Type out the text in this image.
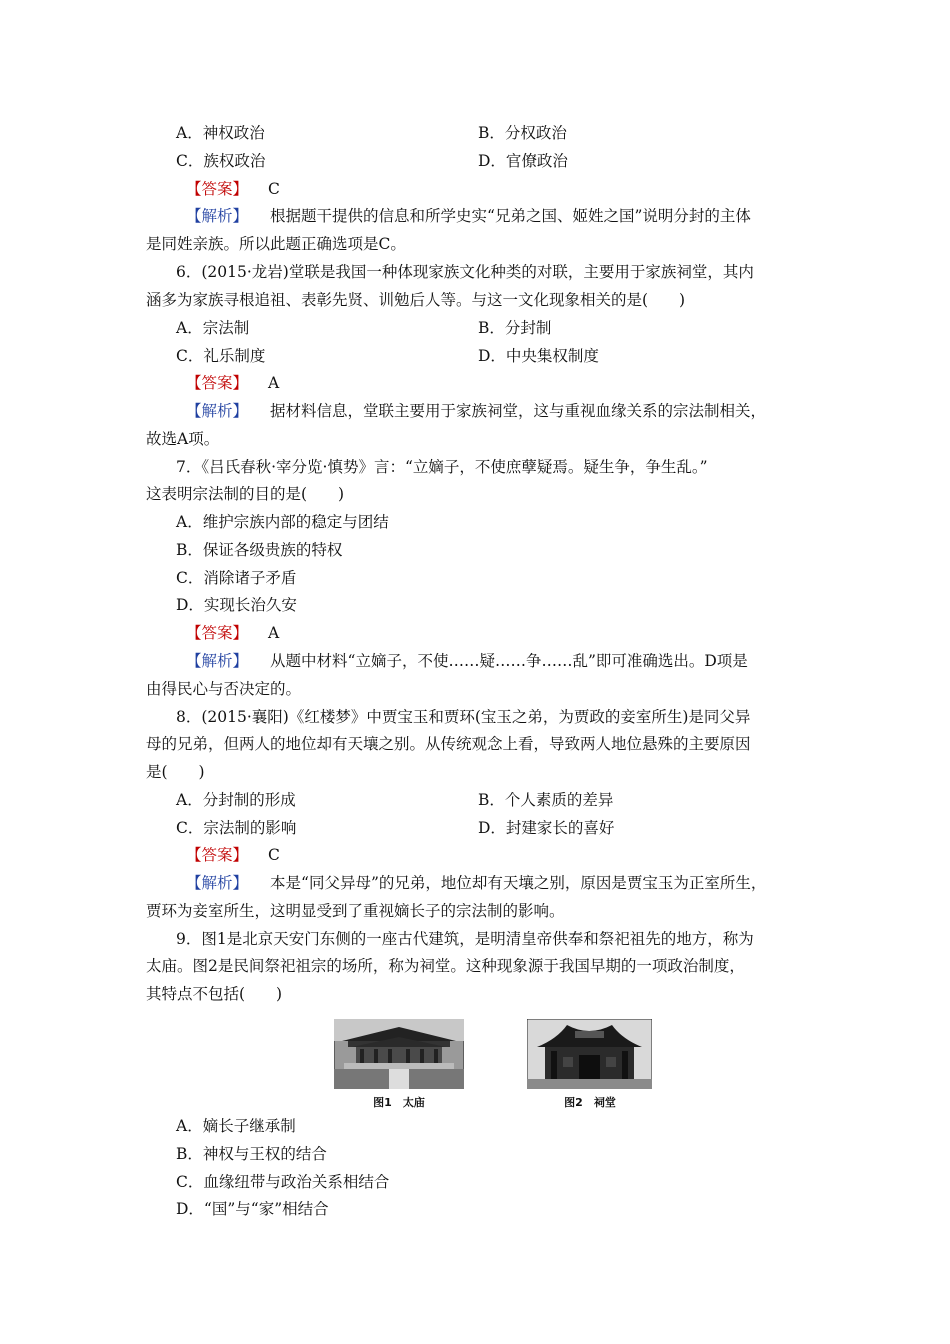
A．神权政治	B．分权政治
C．族权政治	D．官僚政治
【答案】 C
【解析】 根据题干提供的信息和所学史实“兄弟之国、姬姓之国”说明分封的主体
是同姓亲族。所以此题正确选项是C。
6．(2015·龙岩)堂联是我国一种体现家族文化种类的对联，主要用于家族祠堂，其内
涵多为家族寻根追祖、表彰先贤、训勉后人等。与这一文化现象相关的是(　　)
A．宗法制	B．分封制
C．礼乐制度	D．中央集权制度
【答案】 A
【解析】 据材料信息，堂联主要用于家族祠堂，这与重视血缘关系的宗法制相关，
故选A项。
7．《吕氏春秋·宰分览·慎势》言：“立嫡子，不使庶孽疑焉。疑生争，争生乱。”
这表明宗法制的目的是(　　)
A．维护宗族内部的稳定与团结
B．保证各级贵族的特权
C．消除诸子矛盾
D．实现长治久安
【答案】 A
【解析】 从题中材料“立嫡子，不使……疑……争……乱”即可准确选出。D项是
由得民心与否决定的。
8．(2015·襄阳)《红楼梦》中贾宝玉和贾环(宝玉之弟，为贾政的妾室所生)是同父异
母的兄弟，但两人的地位却有天壤之别。从传统观念上看，导致两人地位悬殊的主要原因
是(　　)
A．分封制的形成	B．个人素质的差异
C．宗法制的影响	D．封建家长的喜好
【答案】 C
【解析】 本是“同父异母”的兄弟，地位却有天壤之别，原因是贾宝玉为正室所生，
贾环为妾室所生，这明显受到了重视嫡长子的宗法制的影响。
9．图1是北京天安门东侧的一座古代建筑，是明清皇帝供奉和祭祀祖先的地方，称为
太庙。图2是民间祭祀祖宗的场所，称为祠堂。这种现象源于我国早期的一项政治制度，
其特点不包括(　　)
图1　太庙	图2　祠堂
A．嫡长子继承制
B．神权与王权的结合
C．血缘纽带与政治关系相结合
D．“国”与“家”相结合
